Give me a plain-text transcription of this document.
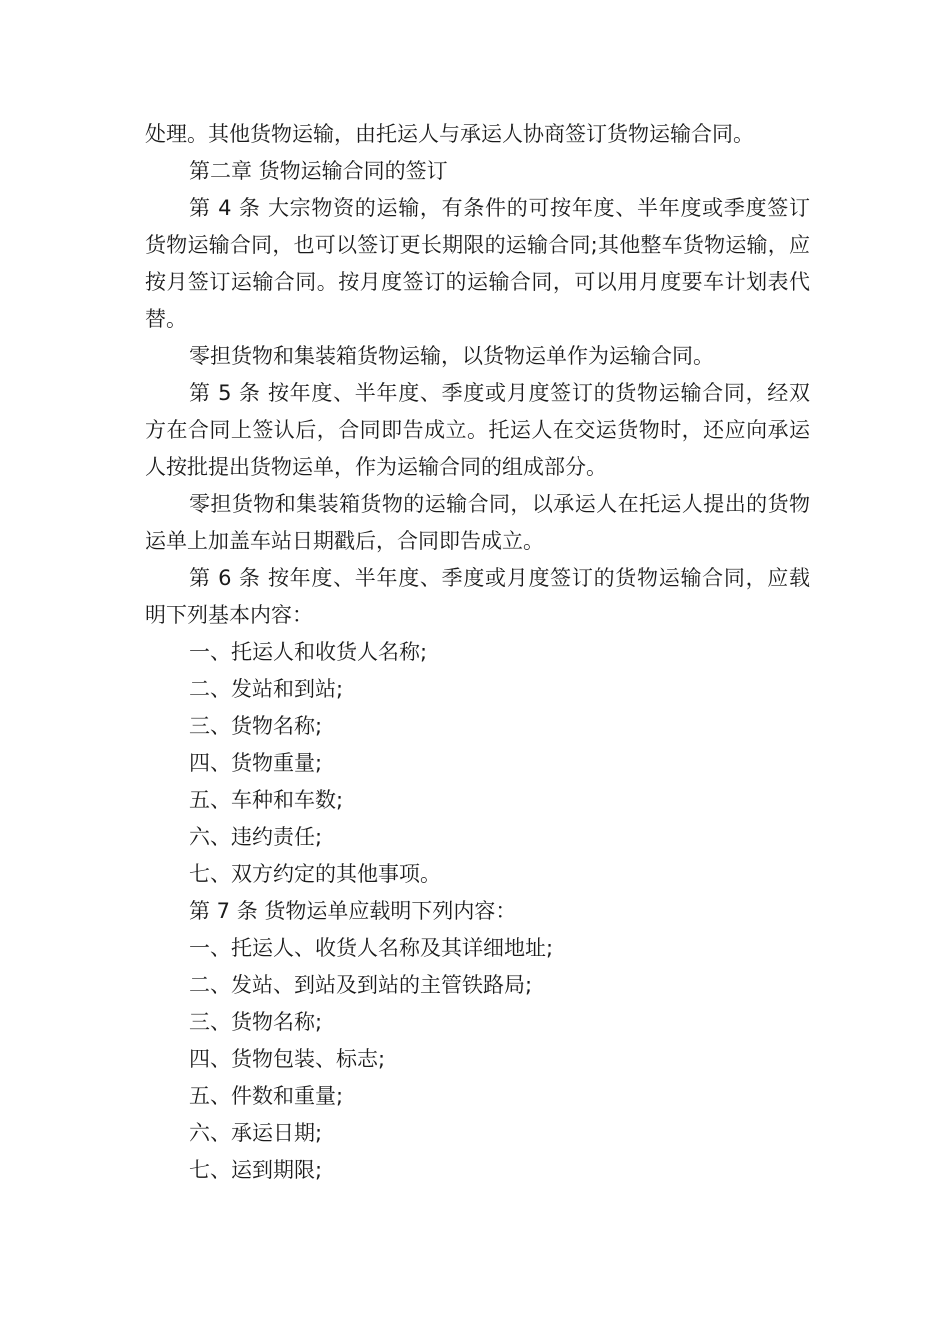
处理。其他货物运输，由托运人与承运人协商签订货物运输合同。

第二章 货物运输合同的签订

第 4 条 大宗物资的运输，有条件的可按年度、半年度或季度签订货物运输合同，也可以签订更长期限的运输合同;其他整车货物运输，应按月签订运输合同。按月度签订的运输合同，可以用月度要车计划表代替。

零担货物和集装箱货物运输，以货物运单作为运输合同。

第 5 条 按年度、半年度、季度或月度签订的货物运输合同，经双方在合同上签认后，合同即告成立。托运人在交运货物时，还应向承运人按批提出货物运单，作为运输合同的组成部分。

零担货物和集装箱货物的运输合同，以承运人在托运人提出的货物运单上加盖车站日期戳后，合同即告成立。

第 6 条 按年度、半年度、季度或月度签订的货物运输合同，应载明下列基本内容：

一、托运人和收货人名称;

二、发站和到站;

三、货物名称;

四、货物重量;

五、车种和车数;

六、违约责任;

七、双方约定的其他事项。

第 7 条 货物运单应载明下列内容：

一、托运人、收货人名称及其详细地址;

二、发站、到站及到站的主管铁路局;

三、货物名称;

四、货物包装、标志;

五、件数和重量;

六、承运日期;

七、运到期限;
